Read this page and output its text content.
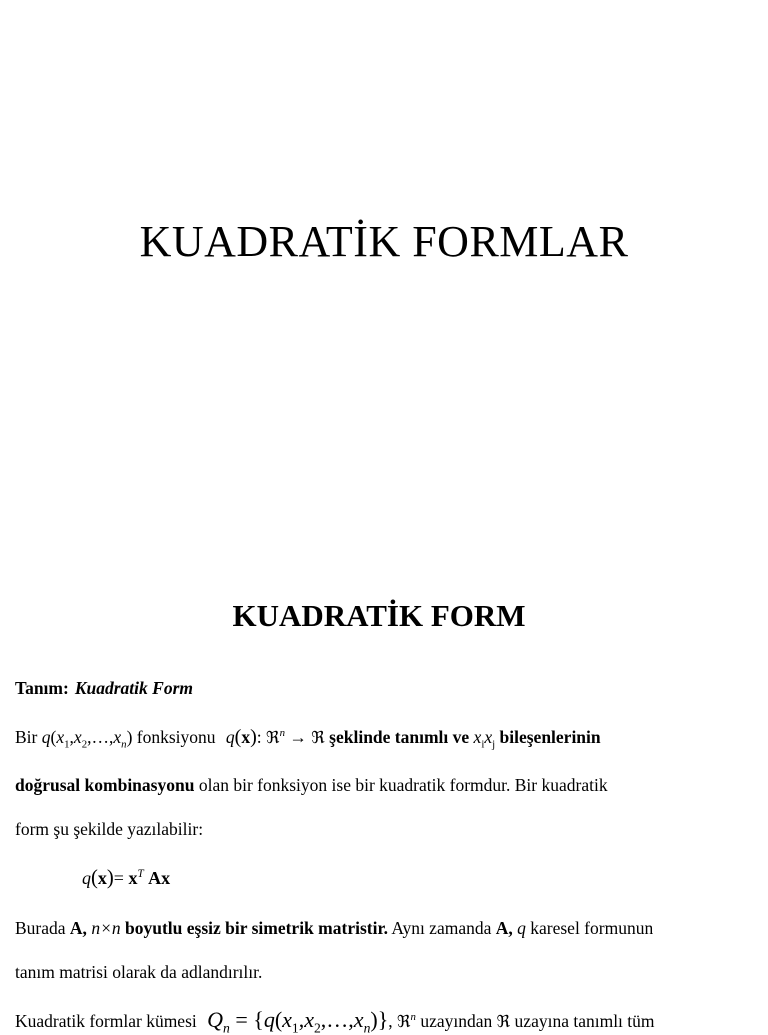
KUADRATİK FORMLAR
KUADRATİK FORM
Tanım: Kuadratik Form
Bir $q(x_1,x_2,\dots,x_n)$ fonksiyonu q(x): ℜ$^n$ → ℜ şeklinde tanımlı ve $x_ix_j$ bileşenlerinin
doğrusal kombinasyonu olan bir fonksiyon ise bir kuadratik formdur. Bir kuadratik
form şu şekilde yazılabilir:
$q(x)= x^T$ Ax
Burada A, n×n boyutlu eşsiz bir simetrik matristir. Aynı zamanda A, q karesel formunun
tanım matrisi olarak da adlandırılır.
Kuadratik formlar kümesi $Q_n$ = $\{q(x_1,x_2,\dots,x_n)\}$, ℜ$^n$ uzayından ℜ uzayına tanımlı tüm
